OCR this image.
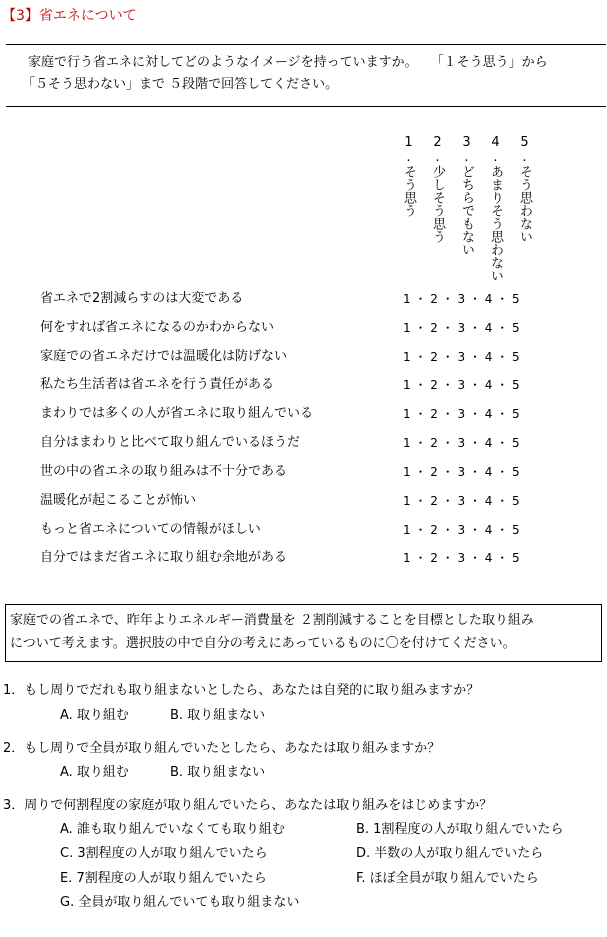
【3】省エネについて
家庭で行う省エネに対してどのようなイメージを持っていますか。　　「１そう思う」から
「５そう思わない」まで ５段階で回答してください。
1.そう思う 2.少しそう思う 3.どちらでもない 4.あまりそう思わない 5.そう思わない
省エネで2割減らすのは大変である	1 ・ 2 ・ 3 ・ 4 ・ 5
何をすれば省エネになるのかわからない	1 ・ 2 ・ 3 ・ 4 ・ 5
家庭での省エネだけでは温暖化は防げない	1 ・ 2 ・ 3 ・ 4 ・ 5
私たち生活者は省エネを行う責任がある	1 ・ 2 ・ 3 ・ 4 ・ 5
まわりでは多くの人が省エネに取り組んでいる	1 ・ 2 ・ 3 ・ 4 ・ 5
自分はまわりと比べて取り組んでいるほうだ	1 ・ 2 ・ 3 ・ 4 ・ 5
世の中の省エネの取り組みは不十分である	1 ・ 2 ・ 3 ・ 4 ・ 5
温暖化が起こることが怖い	1 ・ 2 ・ 3 ・ 4 ・ 5
もっと省エネについての情報がほしい	1 ・ 2 ・ 3 ・ 4 ・ 5
自分ではまだ省エネに取り組む余地がある	1 ・ 2 ・ 3 ・ 4 ・ 5
家庭での省エネで、昨年よりエネルギー消費量を ２割削減することを目標とした取り組み
について考えます。選択肢の中で自分の考えにあっているものに〇を付けてください。
1．もし周りでだれも取り組まないとしたら、あなたは自発的に取り組みますか？
A. 取り組む	B. 取り組まない
2．もし周りで全員が取り組んでいたとしたら、あなたは取り組みますか？
A. 取り組む	B. 取り組まない
3．周りで何割程度の家庭が取り組んでいたら、あなたは取り組みをはじめますか？
A. 誰も取り組んでいなくても取り組む	B. 1割程度の人が取り組んでいたら
C. 3割程度の人が取り組んでいたら	D. 半数の人が取り組んでいたら
E. 7割程度の人が取り組んでいたら	F. ほぼ全員が取り組んでいたら
G. 全員が取り組んでいても取り組まない
